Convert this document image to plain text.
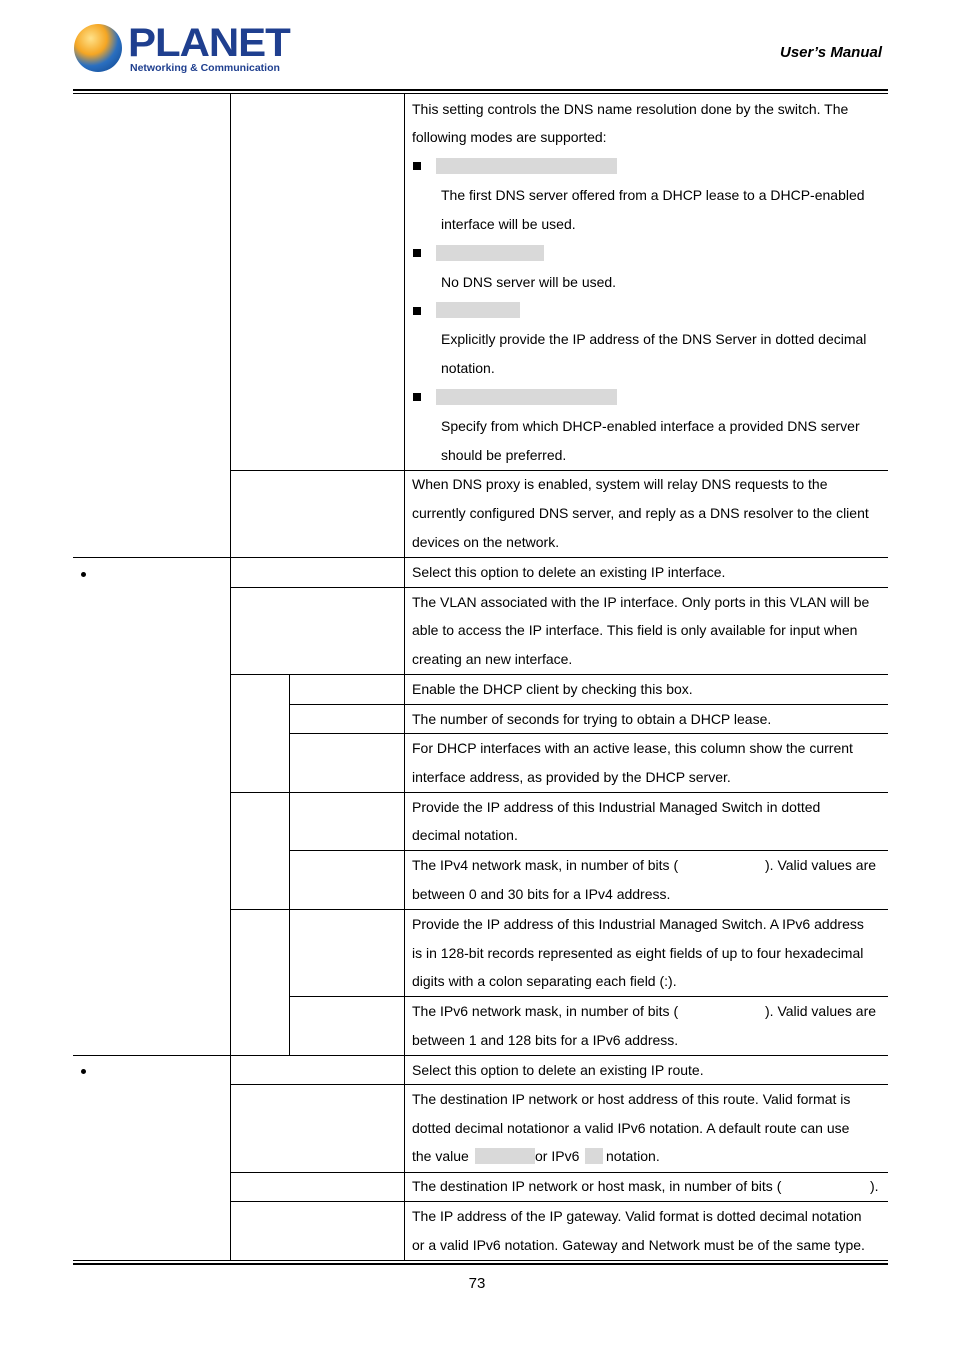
PLANET
Networking & Communication
User’s Manual
This setting controls the DNS name resolution done by the switch. The
following modes are supported:
The first DNS server offered from a DHCP lease to a DHCP-enabled
interface will be used.
No DNS server will be used.
Explicitly provide the IP address of the DNS Server in dotted decimal
notation.
Specify from which DHCP-enabled interface a provided DNS server
should be preferred.
When DNS proxy is enabled, system will relay DNS requests to the
currently configured DNS server, and reply as a DNS resolver to the client
devices on the network.
Select this option to delete an existing IP interface.
The VLAN associated with the IP interface. Only ports in this VLAN will be
able to access the IP interface. This field is only available for input when
creating an new interface.
Enable the DHCP client by checking this box.
The number of seconds for trying to obtain a DHCP lease.
For DHCP interfaces with an active lease, this column show the current
interface address, as provided by the DHCP server.
Provide the IP address of this Industrial Managed Switch in dotted
decimal notation.
The IPv4 network mask, in number of bits (	). Valid values are
between 0 and 30 bits for a IPv4 address.
Provide the IP address of this Industrial Managed Switch. A IPv6 address
is in 128-bit records represented as eight fields of up to four hexadecimal
digits with a colon separating each field (:).
The IPv6 network mask, in number of bits (	). Valid values are
between 1 and 128 bits for a IPv6 address.
Select this option to delete an existing IP route.
The destination IP network or host address of this route. Valid format is
dotted decimal notationor a valid IPv6 notation. A default route can use
the value	or IPv6 notation.
The destination IP network or host mask, in number of bits (	).
The IP address of the IP gateway. Valid format is dotted decimal notation
or a valid IPv6 notation. Gateway and Network must be of the same type.
73
